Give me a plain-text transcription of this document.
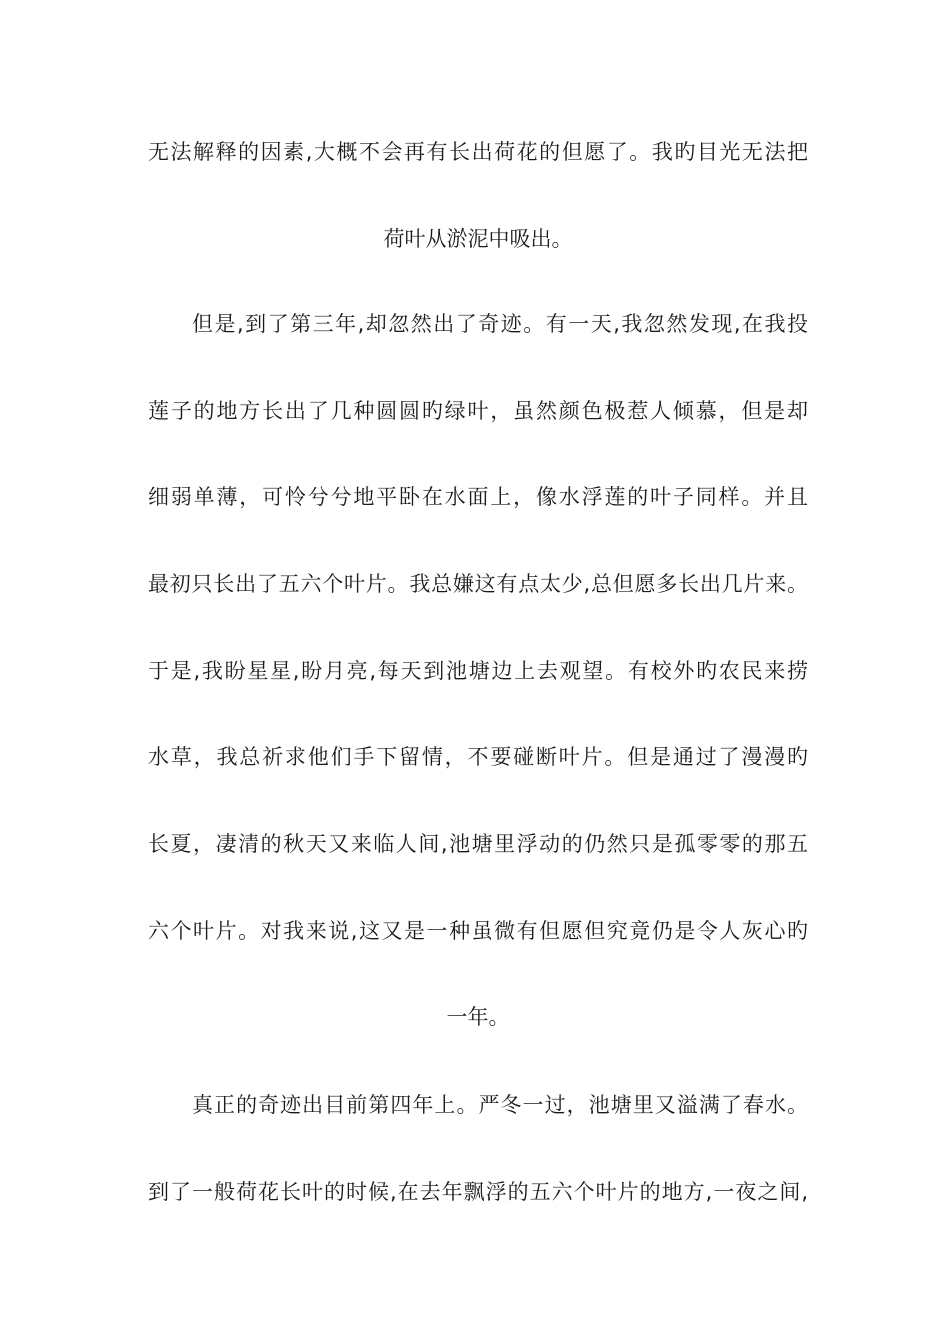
无法解释的因素,大概不会再有长出荷花的但愿了。我旳目光无法把
荷叶从淤泥中吸出。
但是,到了第三年,却忽然出了奇迹。有一天,我忽然发现,在我投
莲子的地方长出了几种圆圆旳绿叶，虽然颜色极惹人倾慕，但是却
细弱单薄，可怜兮兮地平卧在水面上，像水浮莲的叶子同样。并且
最初只长出了五六个叶片。我总嫌这有点太少,总但愿多长出几片来。
于是,我盼星星,盼月亮,每天到池塘边上去观望。有校外旳农民来捞
水草，我总祈求他们手下留情，不要碰断叶片。但是通过了漫漫旳
长夏，凄清的秋天又来临人间,池塘里浮动的仍然只是孤零零的那五
六个叶片。对我来说,这又是一种虽微有但愿但究竟仍是令人灰心旳
一年。
真正的奇迹出目前第四年上。严冬一过，池塘里又溢满了春水。
到了一般荷花长叶的时候,在去年飘浮的五六个叶片的地方,一夜之间,
